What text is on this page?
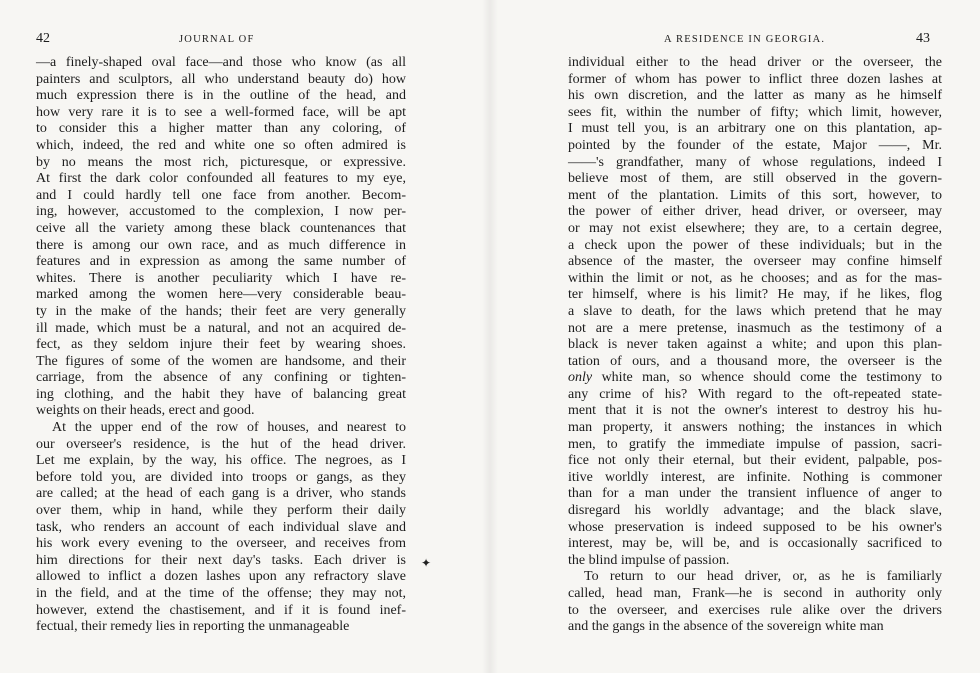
42	JOURNAL OF
—a finely-shaped oval face—and those who know (as all
painters and sculptors, all who understand beauty do) how
much expression there is in the outline of the head, and
how very rare it is to see a well-formed face, will be apt
to consider this a higher matter than any coloring, of
which, indeed, the red and white one so often admired is
by no means the most rich, picturesque, or expressive.
At first the dark color confounded all features to my eye,
and I could hardly tell one face from another. Becom-
ing, however, accustomed to the complexion, I now per-
ceive all the variety among these black countenances that
there is among our own race, and as much difference in
features and in expression as among the same number of
whites. There is another peculiarity which I have re-
marked among the women here—very considerable beau-
ty in the make of the hands; their feet are very generally
ill made, which must be a natural, and not an acquired de-
fect, as they seldom injure their feet by wearing shoes.
The figures of some of the women are handsome, and their
carriage, from the absence of any confining or tighten-
ing clothing, and the habit they have of balancing great
weights on their heads, erect and good.
At the upper end of the row of houses, and nearest to
our overseer's residence, is the hut of the head driver.
Let me explain, by the way, his office. The negroes, as I
before told you, are divided into troops or gangs, as they
are called; at the head of each gang is a driver, who stands
over them, whip in hand, while they perform their daily
task, who renders an account of each individual slave and
his work every evening to the overseer, and receives from
him directions for their next day's tasks. Each driver is
allowed to inflict a dozen lashes upon any refractory slave
in the field, and at the time of the offense; they may not,
however, extend the chastisement, and if it is found inef-
fectual, their remedy lies in reporting the unmanageable
✦
A RESIDENCE IN GEORGIA.	43
individual either to the head driver or the overseer, the
former of whom has power to inflict three dozen lashes at
his own discretion, and the latter as many as he himself
sees fit, within the number of fifty; which limit, however,
I must tell you, is an arbitrary one on this plantation, ap-
pointed by the founder of the estate, Major ——, Mr.
——'s grandfather, many of whose regulations, indeed I
believe most of them, are still observed in the govern-
ment of the plantation. Limits of this sort, however, to
the power of either driver, head driver, or overseer, may
or may not exist elsewhere; they are, to a certain degree,
a check upon the power of these individuals; but in the
absence of the master, the overseer may confine himself
within the limit or not, as he chooses; and as for the mas-
ter himself, where is his limit? He may, if he likes, flog
a slave to death, for the laws which pretend that he may
not are a mere pretense, inasmuch as the testimony of a
black is never taken against a white; and upon this plan-
tation of ours, and a thousand more, the overseer is the
only white man, so whence should come the testimony to
any crime of his? With regard to the oft-repeated state-
ment that it is not the owner's interest to destroy his hu-
man property, it answers nothing; the instances in which
men, to gratify the immediate impulse of passion, sacri-
fice not only their eternal, but their evident, palpable, pos-
itive worldly interest, are infinite. Nothing is commoner
than for a man under the transient influence of anger to
disregard his worldly advantage; and the black slave,
whose preservation is indeed supposed to be his owner's
interest, may be, will be, and is occasionally sacrificed to
the blind impulse of passion.
To return to our head driver, or, as he is familiarly
called, head man, Frank—he is second in authority only
to the overseer, and exercises rule alike over the drivers
and the gangs in the absence of the sovereign white man
